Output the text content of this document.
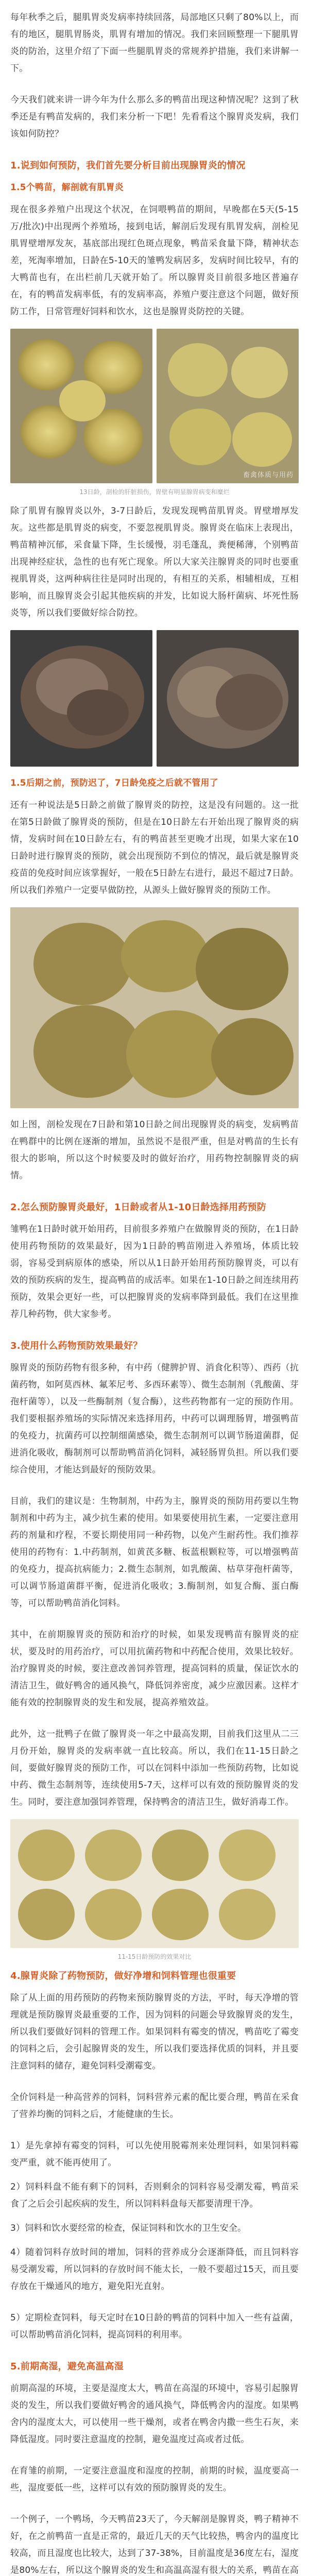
每年秋季之后，腿肌胃炎发病率持续回落，局部地区只剩了80%以上，而有的地区，腿肌胃肠炎，肌胃有增加的情况。我们来回顾整理一下腿肌胃炎的防治，这里介绍了下面一些腿肌胃炎的常规养护措施，我们来讲解一下。

今天我们就来讲一讲今年为什么那么多的鸭苗出现这种情况呢？这到了秋季还是有鸭苗发病的，我们来分析一下吧！先看看这个腺胃炎发病，我们该如何防控？

1.说到如何预防，我们首先要分析目前出现腺胃炎的情况

1.5个鸭苗，解剖就有肌胃炎

现在很多养殖户出现这个状况，在饲喂鸭苗的期间，早晚都在5天(5-15万/批次)中出现两个养殖场，接到电话，解剖后发现有肌胃发病，剖检见肌胃壁增厚发灰，基底部出现红色斑点现象，鸭苗采食量下降，精神状态差，死淘率增加，日龄在5-10天的雏鸭发病居多，发病时间比较早，有的大鸭苗也有，在出栏前几天就开始了。所以腺胃炎目前很多地区普遍存在，有的鸭苗发病率低，有的发病率高，养殖户要注意这个问题，做好预防工作，日常管理好饲料和饮水，这也是腺胃炎防控的关键。

畜禽体质与用药
13日龄，剖检的肝脏损伤，胃壁有明显腺胃病变和糜烂

除了肌胃有腺胃炎以外，3-7日龄后，发现发现鸭苗肌胃炎。胃壁增厚发灰。这些都是肌胃炎的病变，不要忽视肌胃炎。腺胃炎在临床上表现出，鸭苗精神沉郁，采食量下降，生长缓慢，羽毛蓬乱，粪便稀薄，个别鸭苗出现神经症状，急性的也有死亡现象。所以大家关注腺胃炎的同时也要重视肌胃炎，这两种病往往是同时出现的，有相互的关系，相辅相成，互相影响，而且腺胃炎会引起其他疾病的并发，比如说大肠杆菌病、坏死性肠炎等，所以我们要做好综合防控。

1.5后期之前，预防迟了，7日龄免疫之后就不管用了

还有一种说法是5日龄之前做了腺胃炎的防控，这是没有问题的。这一批在第5日龄做了腺胃炎的预防，但是在10日龄左右开始出现了腺胃炎的病情，发病时间在10日龄左右，有的鸭苗甚至更晚才出现，如果大家在10日龄时进行腺胃炎的预防，就会出现预防不到位的情况，最后就是腺胃炎疫苗的免疫时间应该掌握好，一般在5日龄左右进行，最迟不超过7日龄。所以我们养殖户一定要早做防控，从源头上做好腺胃炎的预防工作。

如上图，剖检发现在7日龄和第10日龄之间出现腺胃炎的病变，发病鸭苗在鸭群中的比例在逐渐的增加，虽然说不是很严重，但是对鸭苗的生长有很大的影响，所以这个时候要及时的做好治疗，用药物控制腺胃炎的病情。

2.怎么预防腺胃炎最好，1日龄或者从1-10日龄选择用药预防

雏鸭在1日龄时就开始用药，目前很多养殖户在做腺胃炎的预防，在1日龄使用药物预防的效果最好，因为1日龄的鸭苗刚进入养殖场，体质比较弱，容易受到病原体的感染，所以从1日龄开始用药预防腺胃炎，可以有效的预防疾病的发生，提高鸭苗的成活率。如果在1-10日龄之间连续用药预防，效果会更好一些，可以把腺胃炎的发病率降到最低。我们在这里推荐几种药物，供大家参考。

3.使用什么药物预防效果最好？

腺胃炎的预防药物有很多种，有中药（健脾护胃、消食化积等）、西药（抗菌药物，如阿莫西林、氟苯尼考、多西环素等）、微生态制剂（乳酸菌、芽孢杆菌等），以及一些酶制剂（复合酶），这些药物都有一定的预防作用。我们要根据养殖场的实际情况来选择用药，中药可以调理肠胃，增强鸭苗的免疫力，抗菌药可以控制细菌感染，微生态制剂可以调节肠道菌群，促进消化吸收，酶制剂可以帮助鸭苗消化饲料，减轻肠胃负担。所以我们要综合使用，才能达到最好的预防效果。

目前，我们的建议是：生物制剂，中药为主，腺胃炎的预防用药要以生物制剂和中药为主，减少抗生素的使用。如果要使用抗生素，一定要注意用药的剂量和疗程，不要长期使用同一种药物，以免产生耐药性。我们推荐使用的药物有：1.中药制剂，如黄芪多糖、板蓝根颗粒等，可以增强鸭苗的免疫力，提高抗病能力；2.微生态制剂，如乳酸菌、枯草芽孢杆菌等，可以调节肠道菌群平衡，促进消化吸收；3.酶制剂，如复合酶、蛋白酶等，可以帮助鸭苗消化饲料。

其中，在前期腺胃炎的预防和治疗的时候，如果发现鸭苗有腺胃炎的症状，要及时的用药治疗，可以用抗菌药物和中药配合使用，效果比较好。治疗腺胃炎的时候，要注意改善饲养管理，提高饲料的质量，保证饮水的清洁卫生，做好鸭舍的通风换气，降低饲养密度，减少应激因素。这样才能有效的控制腺胃炎的发生和发展，提高养殖效益。

此外，这一批鸭子在做了腺胃炎一年之中最高发期，目前我们这里从二三月份开始，腺胃炎的发病率就一直比较高。所以，我们在11-15日龄之间，要做好腺胃炎的预防工作，可以在饲料中添加一些预防药物，比如说中药、微生态制剂等，连续使用5-7天，这样可以有效的预防腺胃炎的发生。同时，要注意加强饲养管理，保持鸭舍的清洁卫生，做好消毒工作。

11-15日龄预防的效果对比

4.腺胃炎除了药物预防，做好净增和饲料管理也很重要

除了从上面的用药预防的药物来预防腺胃炎的方法，平时，每天净增的管理就是预防腺胃炎最重要的工作，因为饲料的问题会导致腺胃炎的发生，所以我们要做好饲料的管理工作。如果饲料有霉变的情况，鸭苗吃了霉变的饲料之后，会引起腺胃炎的发生，所以我们要选择优质的饲料，并且要注意饲料的储存，避免饲料受潮霉变。

全价饲料是一种高营养的饲料，饲料营养元素的配比要合理，鸭苗在采食了营养均衡的饲料之后，才能健康的生长。

1）是先拿掉有霉变的饲料，可以先使用脱霉剂来处理饲料，如果饲料霉变严重，就不能再使用了。

2）饲料料盘不能有剩下的饲料，否则剩余的饲料容易受潮发霉，鸭苗采食了之后会引起疾病的发生，所以饲料料盘每天都要清理干净。

3）饲料和饮水要经常的检查，保证饲料和饮水的卫生安全。

4）随着饲料存放时间的增加，饲料的营养成分会逐渐降低，而且饲料容易受潮发霉，所以饲料的存放时间不能太长，一般不要超过15天，而且要存放在干燥通风的地方，避免阳光直射。

5）定期检查饲料，每天定时在10日龄的鸭苗的饲料中加入一些有益菌，可以帮助鸭苗消化饲料，提高饲料的利用率。

5.前期高湿，避免高温高湿

前期高湿的环境，主要是湿度太大，鸭苗在高湿的环境中，容易引起腺胃炎的发生，所以我们要做好鸭舍的通风换气，降低鸭舍内的湿度。如果鸭舍内的湿度太大，可以使用一些干燥剂，或者在鸭舍内撒一些生石灰，来降低湿度。同时要注意温度的控制，避免温度过高或者过低。

在育雏的前期，一定要注意温度和湿度的控制，前期的时候，温度要高一些，湿度要低一些，这样可以有效的预防腺胃炎的发生。

一个例子，一个鸭场，今天鸭苗23天了，今天解剖是腺胃炎，鸭子精神不好，在之前鸭苗一直是正常的，最近几天的天气比较热，鸭舍内的温度比较高，而且湿度也比较大，达到了37-38%，目前温度是36度左右，湿度是80%左右，所以这个腺胃炎的发生和高温高湿有很大的关系，鸭苗在高
